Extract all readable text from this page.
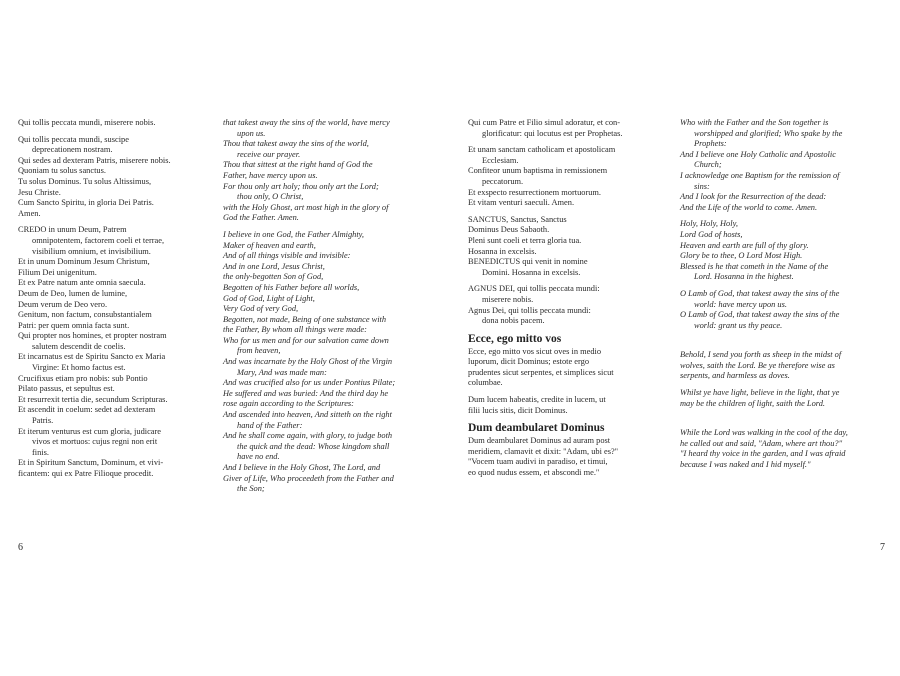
Qui tollis peccata mundi, miserere nobis.
Qui tollis peccata mundi, suscipe
deprecationem nostram.
Qui sedes ad dexteram Patris, miserere nobis.
Quoniam tu solus sanctus.
Tu solus Dominus. Tu solus Altissimus,
Jesu Christe.
Cum Sancto Spiritu, in gloria Dei Patris.
Amen.
CREDO in unum Deum, Patrem
omnipotentem, factorem coeli et terrae,
visibilium omnium, et invisibilium.
Et in unum Dominum Jesum Christum,
Filium Dei unigenitum.
Et ex Patre natum ante omnia saecula.
Deum de Deo, lumen de lumine,
Deum verum de Deo vero.
Genitum, non factum, consubstantialem
Patri: per quem omnia facta sunt.
Qui propter nos homines, et propter nostram
salutem descendit de coelis.
Et incarnatus est de Spiritu Sancto ex Maria
Virgine: Et homo factus est.
Crucifixus etiam pro nobis: sub Pontio
Pilato passus, et sepultus est.
Et resurrexit tertia die, secundum Scripturas.
Et ascendit in coelum: sedet ad dexteram
Patris.
Et iterum venturus est cum gloria, judicare
vivos et mortuos: cujus regni non erit
finis.
Et in Spiritum Sanctum, Dominum, et vivi-
ficantem: qui ex Patre Filioque procedit.
that takest away the sins of the world, have mercy
upon us.
Thou that takest away the sins of the world,
receive our prayer.
Thou that sittest at the right hand of God the
Father, have mercy upon us.
For thou only art holy; thou only art the Lord;
thou only, O Christ,
with the Holy Ghost, art most high in the glory of
God the Father. Amen.
I believe in one God, the Father Almighty,
Maker of heaven and earth,
And of all things visible and invisible:
And in one Lord, Jesus Christ,
the only-begotten Son of God,
Begotten of his Father before all worlds,
God of God, Light of Light,
Very God of very God,
Begotten, not made, Being of one substance with
the Father, By whom all things were made:
Who for us men and for our salvation came down
from heaven,
And was incarnate by the Holy Ghost of the Virgin
Mary, And was made man:
And was crucified also for us under Pontius Pilate;
He suffered and was buried: And the third day he
rose again according to the Scriptures:
And ascended into heaven, And sitteth on the right
hand of the Father:
And he shall come again, with glory, to judge both
the quick and the dead: Whose kingdom shall
have no end.
And I believe in the Holy Ghost, The Lord, and
Giver of Life, Who proceedeth from the Father and
the Son;
Qui cum Patre et Filio simul adoratur, et con-
glorificatur: qui locutus est per Prophetas.
Et unam sanctam catholicam et apostolicam
Ecclesiam.
Confiteor unum baptisma in remissionem
peccatorum.
Et exspecto resurrectionem mortuorum.
Et vitam venturi saeculi. Amen.
SANCTUS, Sanctus, Sanctus
Dominus Deus Sabaoth.
Pleni sunt coeli et terra gloria tua.
Hosanna in excelsis.
BENEDICTUS qui venit in nomine
Domini. Hosanna in excelsis.
AGNUS DEI, qui tollis peccata mundi:
miserere nobis.
Agnus Dei, qui tollis peccata mundi:
dona nobis pacem.
Ecce, ego mitto vos
Ecce, ego mitto vos sicut oves in medio
luporum, dicit Dominus; estote ergo
prudentes sicut serpentes, et simplices sicut
columbae.
Dum lucem habeatis, credite in lucem, ut
filii lucis sitis, dicit Dominus.
Dum deambularet Dominus
Dum deambularet Dominus ad auram post
meridiem, clamavit et dixit: "Adam, ubi es?"
"Vocem tuam audivi in paradiso, et timui,
eo quod nudus essem, et abscondi me."
Who with the Father and the Son together is
worshipped and glorified; Who spake by the
Prophets:
And I believe one Holy Catholic and Apostolic
Church;
I acknowledge one Baptism for the remission of
sins:
And I look for the Resurrection of the dead:
And the Life of the world to come. Amen.
Holy, Holy, Holy,
Lord God of hosts,
Heaven and earth are full of thy glory.
Glory be to thee, O Lord Most High.
Blessed is he that cometh in the Name of the
Lord. Hosanna in the highest.
O Lamb of God, that takest away the sins of the
world: have mercy upon us.
O Lamb of God, that takest away the sins of the
world: grant us thy peace.
Behold, I send you forth as sheep in the midst of
wolves, saith the Lord. Be ye therefore wise as
serpents, and harmless as doves.
Whilst ye have light, believe in the light, that ye
may be the children of light, saith the Lord.
While the Lord was walking in the cool of the day,
he called out and said, "Adam, where art thou?"
"I heard thy voice in the garden, and I was afraid
because I was naked and I hid myself."
6	7
